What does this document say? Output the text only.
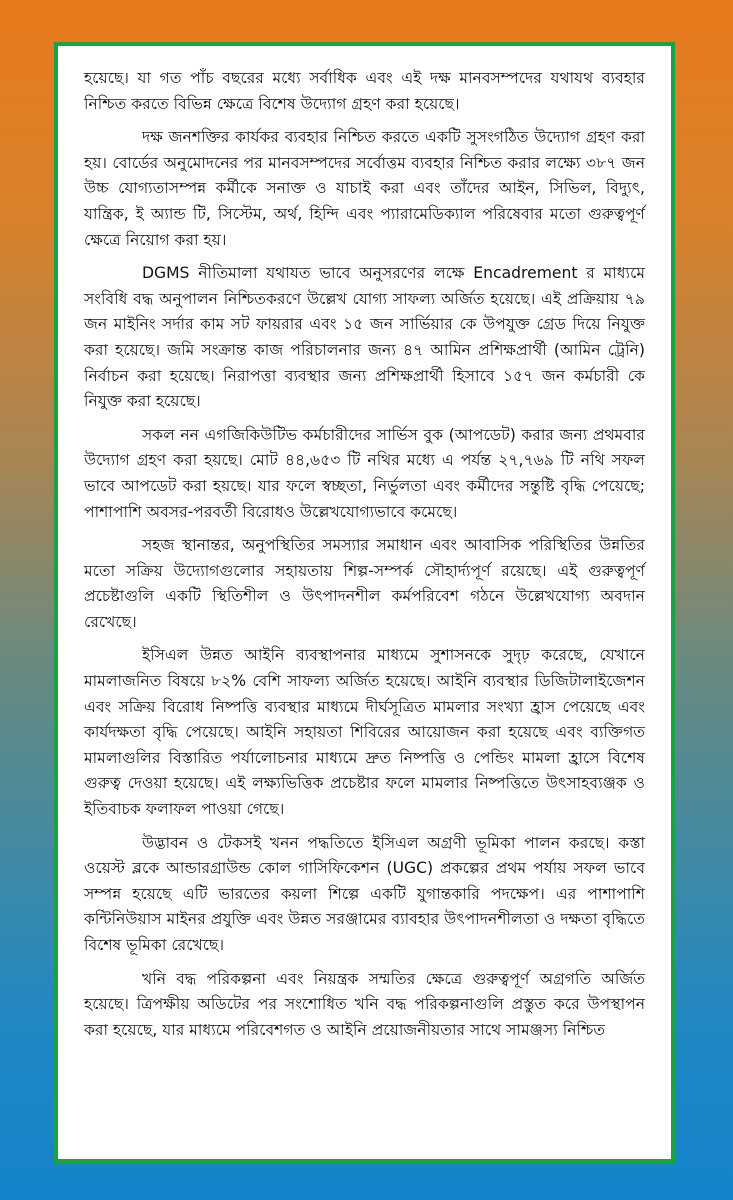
হয়েছে। যা গত পাঁচ বছরের মধ্যে সর্বাধিক এবং এই দক্ষ মানবসম্পদের যথাযথ ব্যবহার নিশ্চিত করতে বিভিন্ন ক্ষেত্রে বিশেষ উদ্যোগ গ্রহণ করা হয়েছে।

দক্ষ জনশক্তির কার্যকর ব্যবহার নিশ্চিত করতে একটি সুসংগঠিত উদ্যোগ গ্রহণ করা হয়। বোর্ডের অনুমোদনের পর মানবসম্পদের সর্বোত্তম ব্যবহার নিশ্চিত করার লক্ষ্যে ৩৮৭ জন উচ্চ যোগ্যতাসম্পন্ন কর্মীকে সনাক্ত ও যাচাই করা এবং তাঁদের আইন, সিভিল, বিদ্যুৎ, যান্ত্রিক, ই অ্যান্ড টি, সিস্টেম, অর্থ, হিন্দি এবং প্যারামেডিক্যাল পরিষেবার মতো গুরুত্বপূর্ণ ক্ষেত্রে নিয়োগ করা হয়।

DGMS নীতিমালা যথাযত ভাবে অনুসরণের লক্ষে Encadrement র মাধ্যমে সংবিধি বদ্ধ অনুপালন নিশ্চিতকরণে উল্লেখ যোগ্য সাফল্য অর্জিত হয়েছে। এই প্রক্রিয়ায় ৭৯ জন মাইনিং সর্দার কাম সট ফায়রার এবং ১৫ জন সার্ভিয়ার কে উপযুক্ত গ্রেড দিয়ে নিযুক্ত করা হয়েছে। জমি সংক্রান্ত কাজ পরিচালনার জন্য ৪৭ আমিন প্রশিক্ষপ্রার্থী (আমিন ট্রেনি) নির্বাচন করা হয়েছে। নিরাপত্তা ব্যবস্থার জন্য প্রশিক্ষপ্রার্থী হিসাবে ১৫৭ জন কর্মচারী কে নিযুক্ত করা হয়েছে।

সকল নন এগজিকিউটিভ কর্মচারীদের সার্ভিস বুক (আপডেট) করার জন্য প্রথমবার উদ্যোগ গ্রহণ করা হয়ছে। মোট ৪৪,৬৫৩ টি নথির মধ্যে এ পর্যন্ত ২৭,৭৬৯ টি নথি সফল ভাবে আপডেট করা হয়ছে। যার ফলে স্বচ্ছতা, নির্ভুলতা এবং কর্মীদের সন্তুষ্টি বৃদ্ধি পেয়েছে; পাশাপাশি অবসর-পরবর্তী বিরোধও উল্লেখযোগ্যভাবে কমেছে।

সহজ স্থানান্তর, অনুপস্থিতির সমস্যার সমাধান এবং আবাসিক পরিস্থিতির উন্নতির মতো সক্রিয় উদ্যোগগুলোর সহায়তায় শিল্প-সম্পর্ক সৌহার্দ্যপূর্ণ রয়েছে। এই গুরুত্বপূর্ণ প্রচেষ্টাগুলি একটি স্থিতিশীল ও উৎপাদনশীল কর্মপরিবেশ গঠনে উল্লেখযোগ্য অবদান রেখেছে।

ইসিএল উন্নত আইনি ব্যবস্থাপনার মাধ্যমে সুশাসনকে সুদৃঢ় করেছে, যেখানে মামলাজনিত বিষয়ে ৮২% বেশি সাফল্য অর্জিত হয়েছে। আইনি ব্যবস্থার ডিজিটালাইজেশন এবং সক্রিয় বিরোধ নিষ্পত্তি ব্যবস্থার মাধ্যমে দীর্ঘসূত্রিত মামলার সংখ্যা হ্রাস পেয়েছে এবং কার্যদক্ষতা বৃদ্ধি পেয়েছে। আইনি সহায়তা শিবিরের আয়োজন করা হয়েছে এবং ব্যক্তিগত মামলাগুলির বিস্তারিত পর্যালোচনার মাধ্যমে দ্রুত নিষ্পত্তি ও পেন্ডিং মামলা হ্রাসে বিশেষ গুরুত্ব দেওয়া হয়েছে। এই লক্ষ্যভিত্তিক প্রচেষ্টার ফলে মামলার নিষ্পত্তিতে উৎসাহব্যঞ্জক ও ইতিবাচক ফলাফল পাওয়া গেছে।

উদ্ভাবন ও টেকসই খনন পদ্ধতিতে ইসিএল অগ্রণী ভূমিকা পালন করছে। কস্তা ওয়েস্ট ব্লকে আন্ডারগ্রাউন্ড কোল গাসিফিকেশন (UGC) প্রকল্পের প্রথম পর্যায় সফল ভাবে সম্পন্ন হয়েছে এটি ভারতের কয়লা শিল্পে একটি যুগান্তকারি পদক্ষেপ। এর পাশাপাশি কন্টিনিউয়াস মাইনর প্রযুক্তি এবং উন্নত সরঞ্জামের ব্যাবহার উৎপাদনশীলতা ও দক্ষতা বৃদ্ধিতে বিশেষ ভূমিকা রেখেছে।

খনি বদ্ধ পরিকল্পনা এবং নিয়ন্ত্রক সম্মতির ক্ষেত্রে গুরুত্বপূর্ণ অগ্রগতি অর্জিত হয়েছে। ত্রিপক্ষীয় অডিটের পর সংশোধিত খনি বদ্ধ পরিকল্পনাগুলি প্রস্তুত করে উপস্থাপন করা হয়েছে, যার মাধ্যমে পরিবেশগত ও আইনি প্রয়োজনীয়তার সাথে সামঞ্জস্য নিশ্চিত
